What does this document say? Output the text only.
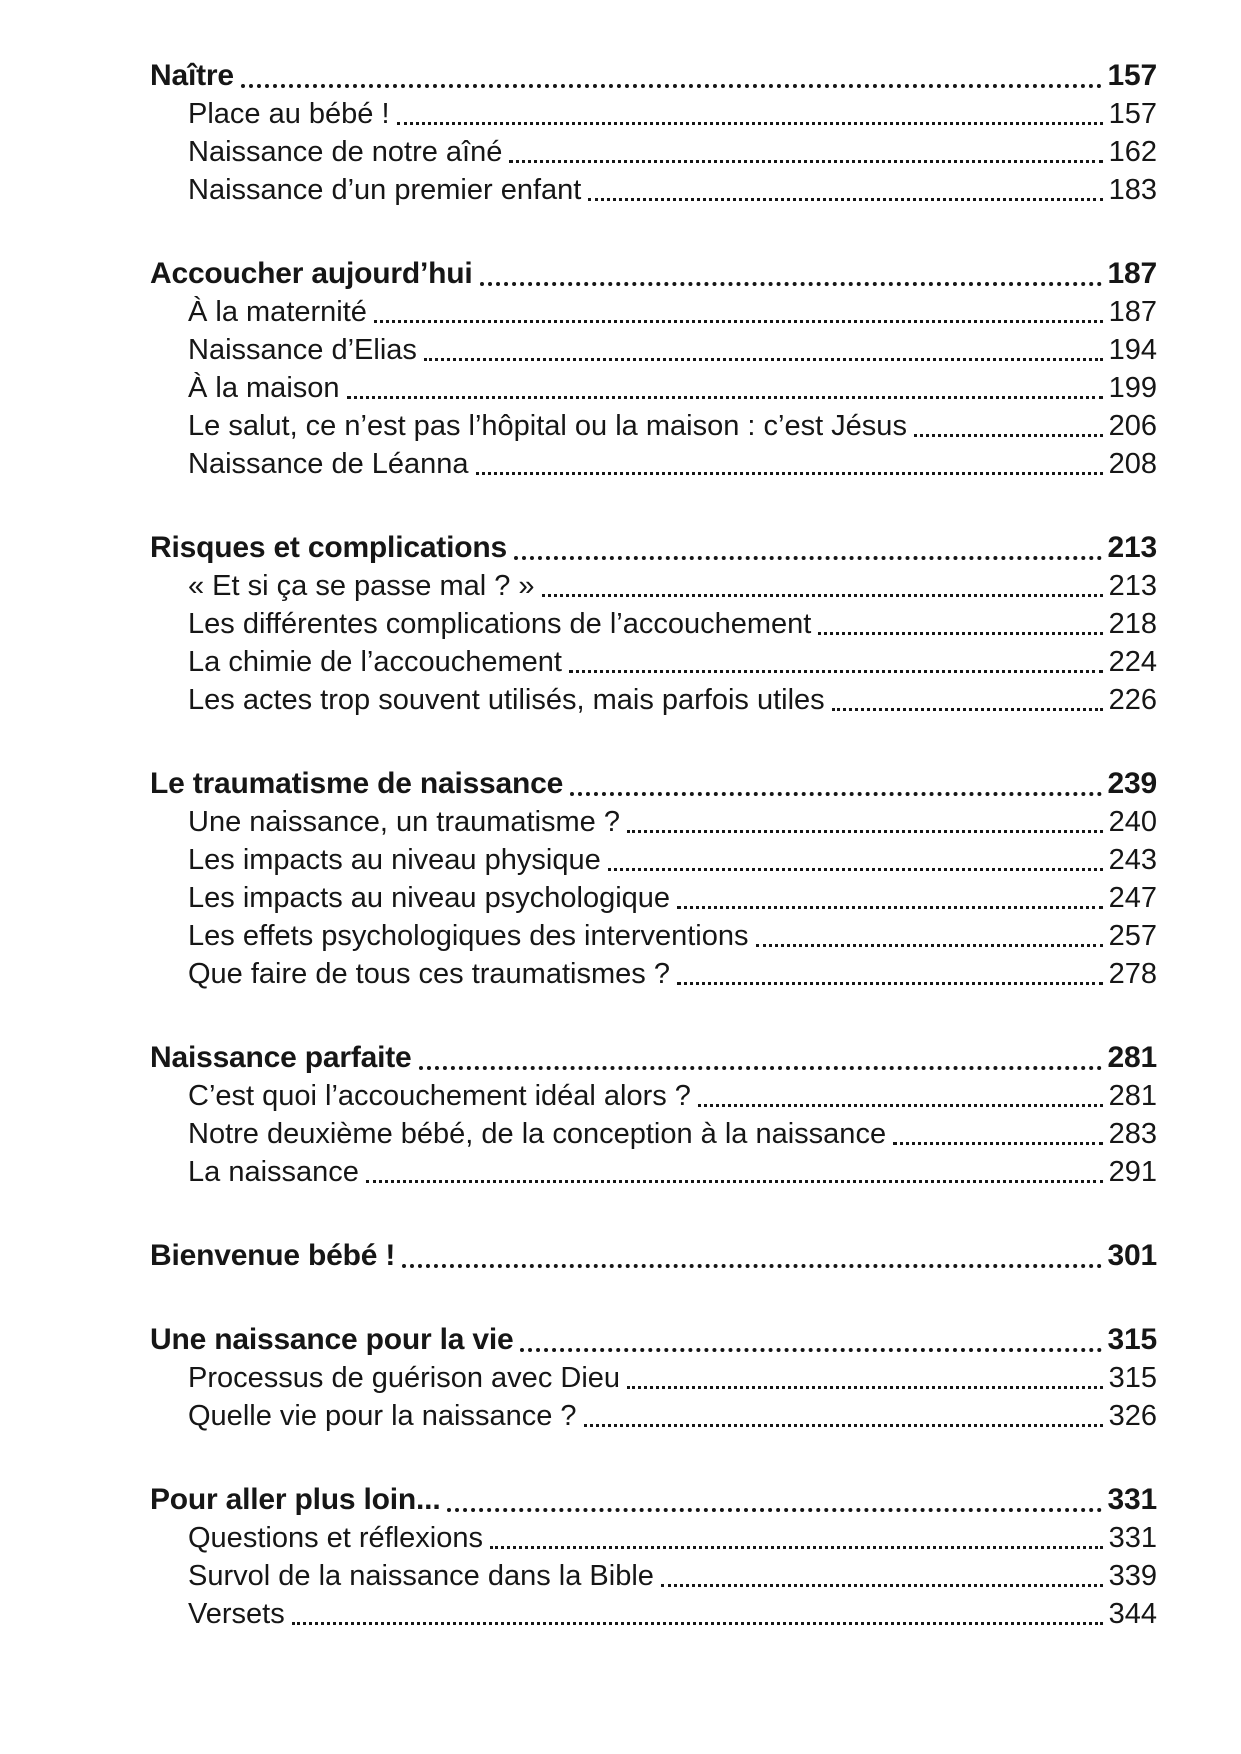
Naître	157
Place au bébé !	157
Naissance de notre aîné	162
Naissance d’un premier enfant	183
Accoucher aujourd’hui	187
À la maternité	187
Naissance d’Elias	194
À la maison	199
Le salut, ce n’est pas l’hôpital ou la maison : c’est Jésus	206
Naissance de Léanna	208
Risques et complications	213
« Et si ça se passe mal ? »	213
Les différentes complications de l’accouchement	218
La chimie de l’accouchement	224
Les actes trop souvent utilisés, mais parfois utiles	226
Le traumatisme de naissance	239
Une naissance, un traumatisme ?	240
Les impacts au niveau physique	243
Les impacts au niveau psychologique	247
Les effets psychologiques des interventions	257
Que faire de tous ces traumatismes ?	278
Naissance parfaite	281
C’est quoi l’accouchement idéal alors ?	281
Notre deuxième bébé, de la conception à la naissance	283
La naissance	291
Bienvenue bébé !	301
Une naissance pour la vie	315
Processus de guérison avec Dieu	315
Quelle vie pour la naissance ?	326
Pour aller plus loin...	331
Questions et réflexions	331
Survol de la naissance dans la Bible	339
Versets	344
